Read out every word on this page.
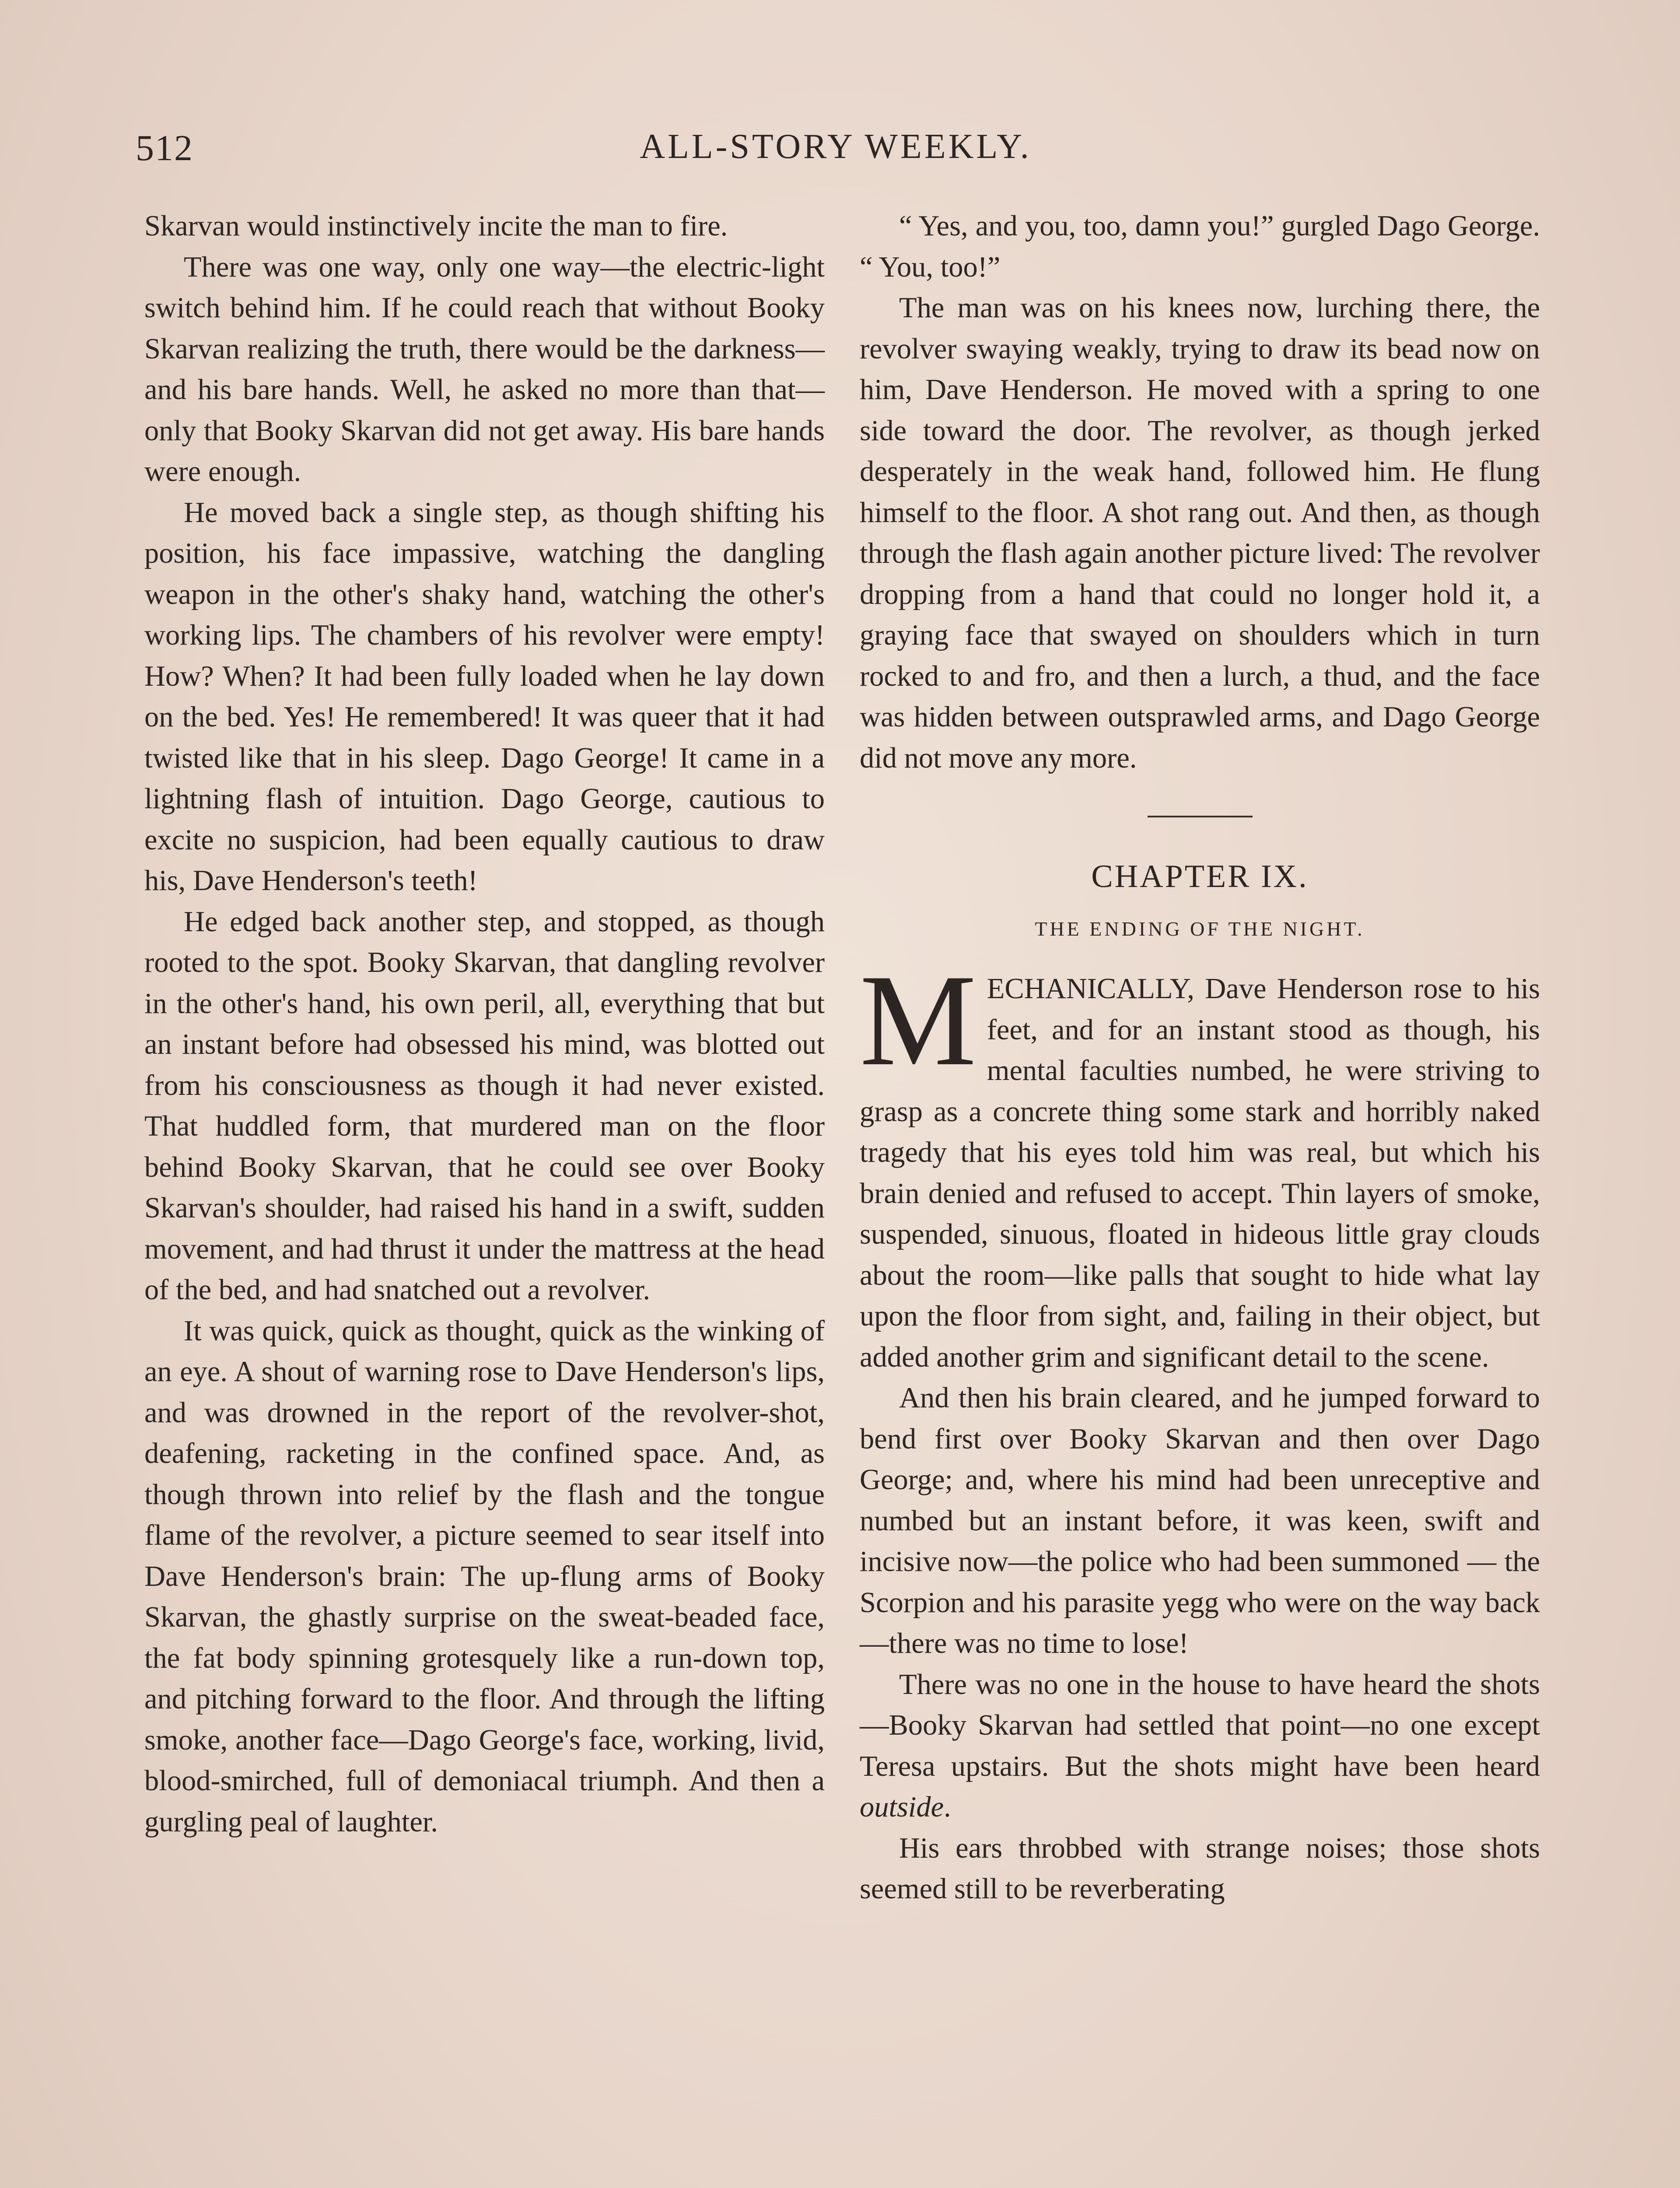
512	ALL-STORY WEEKLY.

Skarvan would instinctively incite the man to fire.

There was one way, only one way—the electric-light switch behind him. If he could reach that without Booky Skarvan realizing the truth, there would be the darkness—and his bare hands. Well, he asked no more than that—only that Booky Skarvan did not get away. His bare hands were enough.

He moved back a single step, as though shifting his position, his face impassive, watching the dangling weapon in the other's shaky hand, watching the other's working lips. The chambers of his revolver were empty! How? When? It had been fully loaded when he lay down on the bed. Yes! He remembered! It was queer that it had twisted like that in his sleep. Dago George! It came in a lightning flash of intuition. Dago George, cautious to excite no suspicion, had been equally cautious to draw his, Dave Henderson's teeth!

He edged back another step, and stopped, as though rooted to the spot. Booky Skarvan, that dangling revolver in the other's hand, his own peril, all, everything that but an instant before had obsessed his mind, was blotted out from his consciousness as though it had never existed. That huddled form, that murdered man on the floor behind Booky Skarvan, that he could see over Booky Skarvan's shoulder, had raised his hand in a swift, sudden movement, and had thrust it under the mattress at the head of the bed, and had snatched out a revolver.

It was quick, quick as thought, quick as the winking of an eye. A shout of warning rose to Dave Henderson's lips, and was drowned in the report of the revolver-shot, deafening, racketing in the confined space. And, as though thrown into relief by the flash and the tongue flame of the revolver, a picture seemed to sear itself into Dave Henderson's brain: The up-flung arms of Booky Skarvan, the ghastly surprise on the sweat-beaded face, the fat body spinning grotesquely like a run-down top, and pitching forward to the floor. And through the lifting smoke, another face—Dago George's face, working, livid, blood-smirched, full of demoniacal triumph. And then a gurgling peal of laughter.

“ Yes, and you, too, damn you!” gurgled Dago George. “ You, too!”

The man was on his knees now, lurching there, the revolver swaying weakly, trying to draw its bead now on him, Dave Henderson. He moved with a spring to one side toward the door. The revolver, as though jerked desperately in the weak hand, followed him. He flung himself to the floor. A shot rang out. And then, as though through the flash again another picture lived: The revolver dropping from a hand that could no longer hold it, a graying face that swayed on shoulders which in turn rocked to and fro, and then a lurch, a thud, and the face was hidden between outsprawled arms, and Dago George did not move any more.

CHAPTER IX.
THE ENDING OF THE NIGHT.

MECHANICALLY, Dave Henderson rose to his feet, and for an instant stood as though, his mental faculties numbed, he were striving to grasp as a concrete thing some stark and horribly naked tragedy that his eyes told him was real, but which his brain denied and refused to accept. Thin layers of smoke, suspended, sinuous, floated in hideous little gray clouds about the room—like palls that sought to hide what lay upon the floor from sight, and, failing in their object, but added another grim and significant detail to the scene.

And then his brain cleared, and he jumped forward to bend first over Booky Skarvan and then over Dago George; and, where his mind had been unreceptive and numbed but an instant before, it was keen, swift and incisive now—the police who had been summoned — the Scorpion and his parasite yegg who were on the way back—there was no time to lose!

There was no one in the house to have heard the shots—Booky Skarvan had settled that point—no one except Teresa upstairs. But the shots might have been heard outside.

His ears throbbed with strange noises; those shots seemed still to be reverberating
